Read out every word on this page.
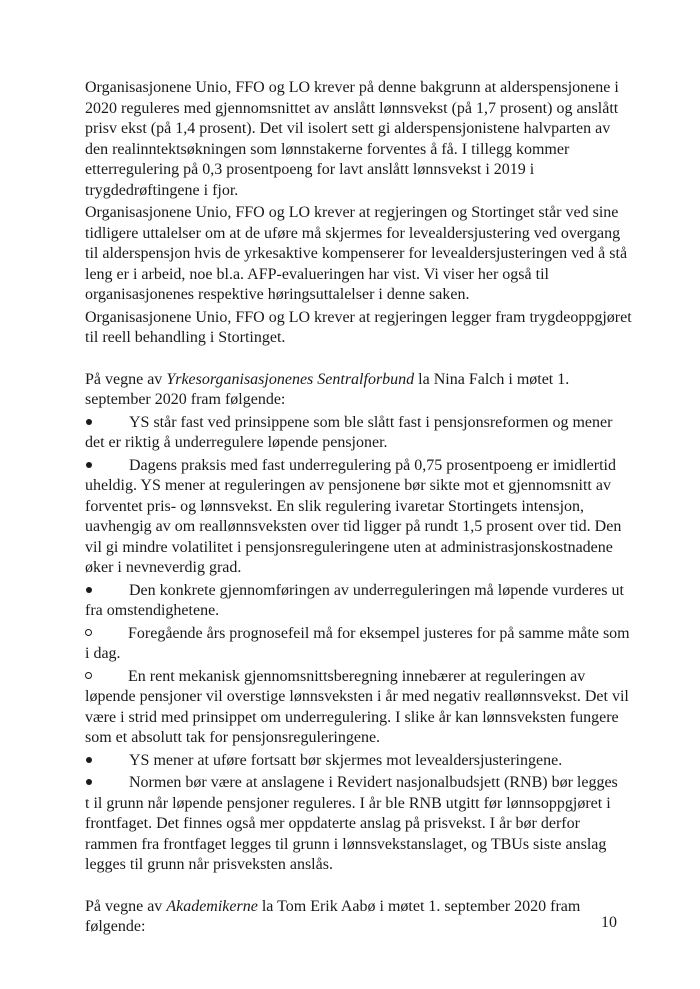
Organisasjonene Unio, FFO og LO krever på denne bakgrunn at alderspensjonene i 2020 reguleres med gjennomsnittet av anslått lønnsvekst (på 1,7 prosent) og anslått prisv ekst (på 1,4 prosent). Det vil isolert sett gi alderspensjonistene halvparten av den realinntektsøkningen som lønnstakerne forventes å få. I tillegg kommer etterregulering på 0,3 prosentpoeng for lavt anslått lønnsvekst i 2019 i trygdedrøftingene i fjor.

Organisasjonene Unio, FFO og LO krever at regjeringen og Stortinget står ved sine tidligere uttalelser om at de uføre må skjermes for levealdersjustering ved overgang til alderspensjon hvis de yrkesaktive kompenserer for levealdersjusteringen ved å stå leng er i arbeid, noe bl.a. AFP-evalueringen har vist. Vi viser her også til organisasjonenes respektive høringsuttalelser i denne saken.

Organisasjonene Unio, FFO og LO krever at regjeringen legger fram trygdeoppgjøret til reell behandling i Stortinget.

På vegne av Yrkesorganisasjonenes Sentralforbund la Nina Falch i møtet 1. september 2020 fram følgende:

YS står fast ved prinsippene som ble slått fast i pensjonsreformen og mener det er riktig å underregulere løpende pensjoner.

Dagens praksis med fast underregulering på 0,75 prosentpoeng er imidlertid uheldig. YS mener at reguleringen av pensjonene bør sikte mot et gjennomsnitt av forventet pris- og lønnsvekst. En slik regulering ivaretar Stortingets intensjon, uavhengig av om reallønnsveksten over tid ligger på rundt 1,5 prosent over tid. Den vil gi mindre volatilitet i pensjonsreguleringene uten at administrasjonskostnadene øker i nevneverdig grad.

Den konkrete gjennomføringen av underreguleringen må løpende vurderes ut fra omstendighetene.

Foregående års prognosefeil må for eksempel justeres for på samme måte som i dag.

En rent mekanisk gjennomsnittsberegning innebærer at reguleringen av løpende pensjoner vil overstige lønnsveksten i år med negativ reallønnsvekst. Det vil være i strid med prinsippet om underregulering. I slike år kan lønnsveksten fungere som et absolutt tak for pensjonsreguleringene.

YS mener at uføre fortsatt bør skjermes mot levealdersjusteringene.

Normen bør være at anslagene i Revidert nasjonalbudsjett (RNB) bør legges t il grunn når løpende pensjoner reguleres. I år ble RNB utgitt før lønnsoppgjøret i frontfaget. Det finnes også mer oppdaterte anslag på prisvekst. I år bør derfor rammen fra frontfaget legges til grunn i lønnsvekstanslaget, og TBUs siste anslag legges til grunn når prisveksten anslås.

På vegne av Akademikerne la Tom Erik Aabø i møtet 1. september 2020 fram følgende:	10
